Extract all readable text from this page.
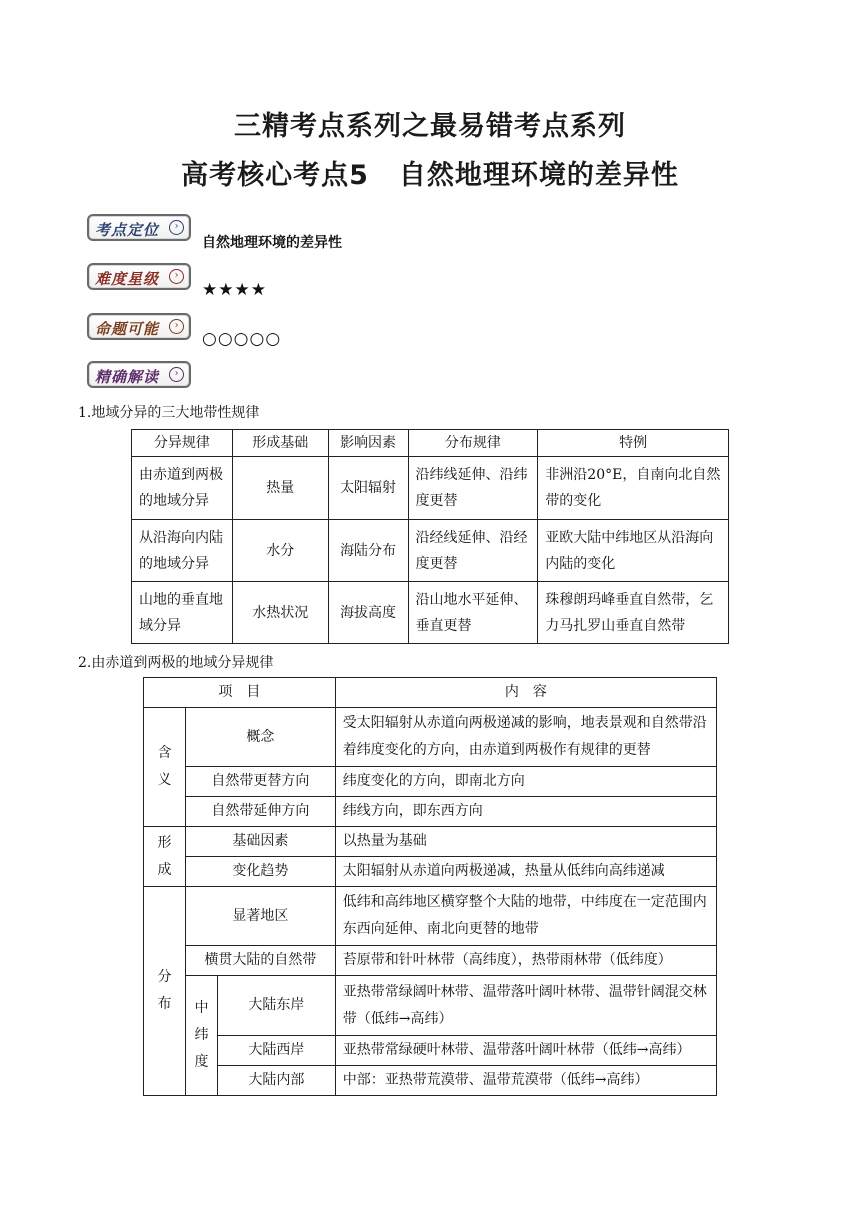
三精考点系列之最易错考点系列
高考核心考点5 自然地理环境的差异性
考点定位	›
自然地理环境的差异性
难度星级	›
★★★★
命题可能	›
○○○○○
精确解读	›
1.地域分异的三大地带性规律
分异规律	形成基础	影响因素	分布规律	特例
由赤道到两极的地域分异	热量	太阳辐射	沿纬线延伸、沿纬度更替	非洲沿20°E，自南向北自然带的变化
从沿海向内陆的地域分异	水分	海陆分布	沿经线延伸、沿经度更替	亚欧大陆中纬地区从沿海向内陆的变化
山地的垂直地域分异	水热状况	海拔高度	沿山地水平延伸、垂直更替	珠穆朗玛峰垂直自然带，乞力马扎罗山垂直自然带
2.由赤道到两极的地域分异规律
项　目			内　容
含义	概念		受太阳辐射从赤道向两极递减的影响，地表景观和自然带沿着纬度变化的方向，由赤道到两极作有规律的更替
	自然带更替方向		纬度变化的方向，即南北方向
	自然带延伸方向		纬线方向，即东西方向
形成	基础因素		以热量为基础
	变化趋势		太阳辐射从赤道向两极递减，热量从低纬向高纬递减
分布	显著地区		低纬和高纬地区横穿整个大陆的地带，中纬度在一定范围内东西向延伸、南北向更替的地带
	横贯大陆的自然带		苔原带和针叶林带（高纬度），热带雨林带（低纬度）
	中纬度	大陆东岸	亚热带常绿阔叶林带、温带落叶阔叶林带、温带针阔混交林带（低纬→高纬）
		大陆西岸	亚热带常绿硬叶林带、温带落叶阔叶林带（低纬→高纬）
		大陆内部	中部：亚热带荒漠带、温带荒漠带（低纬→高纬）
